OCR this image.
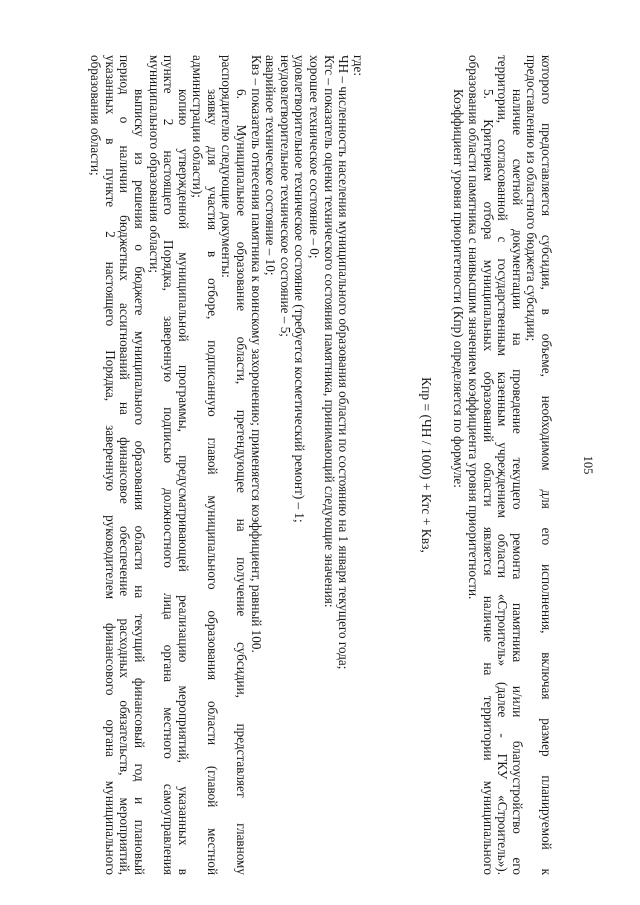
105
которого предоставляется субсидия, в объеме, необходимом для его исполнения, включая размер планируемой к
предоставлению из областного бюджета субсидии;
наличие сметной документации на проведение текущего ремонта памятника и/или благоустройство его
территории, согласованной с государственным казенным учреждением области «Строитель» (далее - ГКУ «Строитель»).
5. Критерием отбора муниципальных образований области является наличие на территории муниципального
образования области памятника с наивысшим значением коэффициента уровня приоритетности.
Коэффициент уровня приоритетности (Кпр) определяется по формуле:
Кпр = (ЧН / 1000) + Ктс + Квз,
где:
ЧН – численность населения муниципального образования области по состоянию на 1 января текущего года;
Ктс – показатель оценки технического состояния памятника, принимающий следующие значения:
хорошее техническое состояние – 0;
удовлетворительное техническое состояние (требуется косметический ремонт) – 1;
неудовлетворительное техническое состояние – 5;
аварийное техническое состояние – 10;
Квз – показатель отнесения памятника к воинскому захоронению; применяется коэффициент, равный 100.
6. Муниципальное образование области, претендующее на получение субсидии, представляет главному
распорядителю следующие документы:
заявку для участия в отборе, подписанную главой муниципального образования области (главой местной
администрации области);
копию утвержденной муниципальной программы, предусматривающей реализацию мероприятий, указанных в
пункте 2 настоящего Порядка, заверенную подписью должностного лица органа местного самоуправления
муниципального образования области;
выписку из решения о бюджете муниципального образования области на текущий финансовый год и плановый
период о наличии бюджетных ассигнований на финансовое обеспечение расходных обязательств, мероприятий,
указанных в пункте 2 настоящего Порядка, заверенную руководителем финансового органа муниципального
образования области;
